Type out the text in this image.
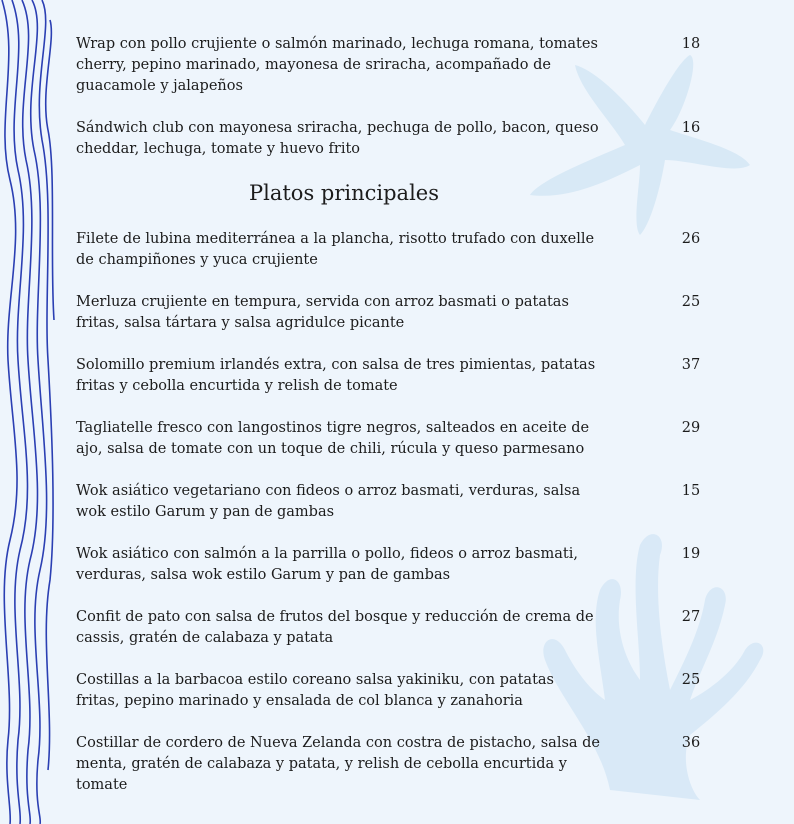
Wrap con pollo crujiente o salmón marinado, lechuga romana, tomates cherry, pepino marinado, mayonesa de sriracha, acompañado de guacamole y jalapeños
18
Sándwich club con mayonesa sriracha, pechuga de pollo, bacon, queso cheddar, lechuga, tomate y huevo frito
16
Platos principales
Filete de lubina mediterránea a la plancha, risotto trufado con duxelle de champiñones y yuca crujiente
26
Merluza crujiente en tempura, servida con arroz basmati o patatas fritas, salsa tártara y salsa agridulce picante
25
Solomillo premium irlandés extra, con salsa de tres pimientas, patatas fritas y cebolla encurtida y relish de tomate
37
Tagliatelle fresco con langostinos tigre negros, salteados en aceite de ajo, salsa de tomate con un toque de chili, rúcula y queso parmesano
29
Wok asiático vegetariano con fideos o arroz basmati, verduras, salsa wok estilo Garum y pan de gambas
15
Wok asiático con salmón a la parrilla o pollo, fideos o arroz basmati, verduras, salsa wok estilo Garum y pan de gambas
19
Confit de pato con salsa de frutos del bosque y reducción de crema de cassis, gratén de calabaza y patata
27
Costillas a la barbacoa estilo coreano salsa yakiniku, con patatas fritas, pepino marinado y ensalada de col blanca y zanahoria
25
Costillar de cordero de Nueva Zelanda con costra de pistacho, salsa de menta, gratén de calabaza y patata, y relish de cebolla encurtida y tomate
36
